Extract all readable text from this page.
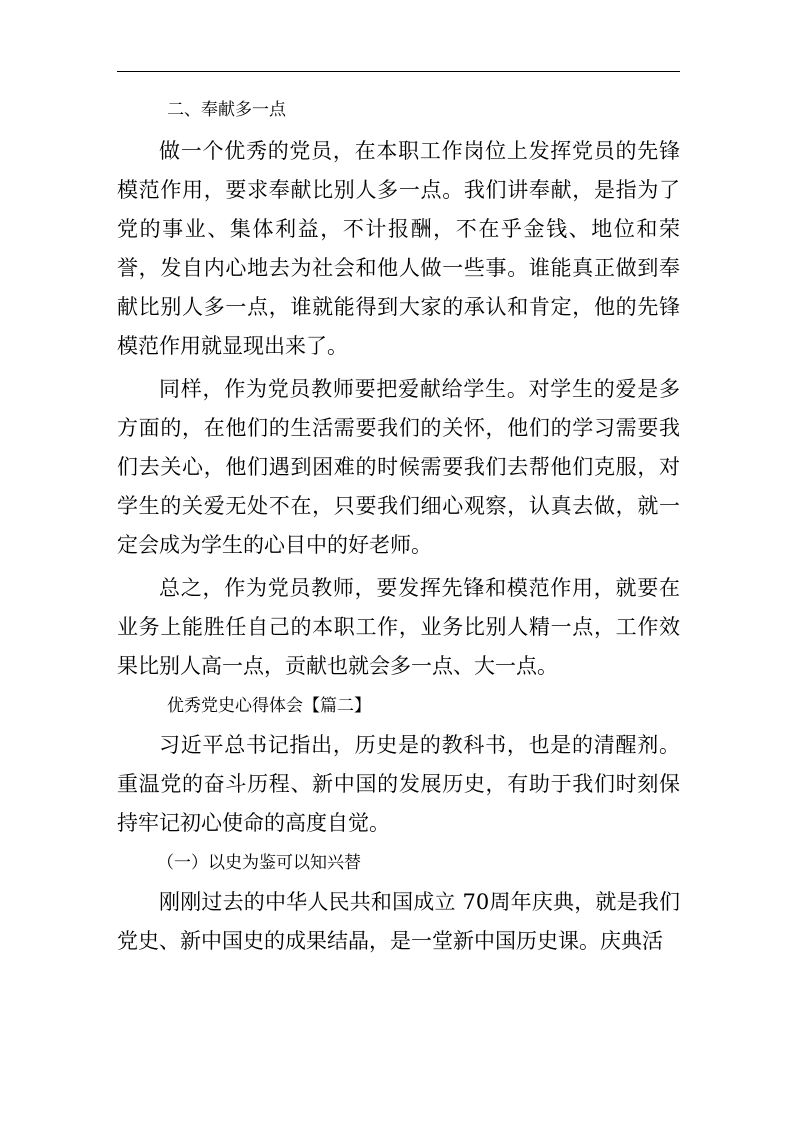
二、奉献多一点

做一个优秀的党员，在本职工作岗位上发挥党员的先锋模范作用，要求奉献比别人多一点。我们讲奉献，是指为了党的事业、集体利益，不计报酬，不在乎金钱、地位和荣誉，发自内心地去为社会和他人做一些事。谁能真正做到奉献比别人多一点，谁就能得到大家的承认和肯定，他的先锋模范作用就显现出来了。

同样，作为党员教师要把爱献给学生。对学生的爱是多方面的，在他们的生活需要我们的关怀，他们的学习需要我们去关心，他们遇到困难的时候需要我们去帮他们克服，对学生的关爱无处不在，只要我们细心观察，认真去做，就一定会成为学生的心目中的好老师。

总之，作为党员教师，要发挥先锋和模范作用，就要在业务上能胜任自己的本职工作，业务比别人精一点，工作效果比别人高一点，贡献也就会多一点、大一点。

优秀党史心得体会【篇二】

习近平总书记指出，历史是的教科书，也是的清醒剂。重温党的奋斗历程、新中国的发展历史，有助于我们时刻保持牢记初心使命的高度自觉。

（一）以史为鉴可以知兴替

刚刚过去的中华人民共和国成立 70周年庆典，就是我们党史、新中国史的成果结晶，是一堂新中国历史课。庆典活
